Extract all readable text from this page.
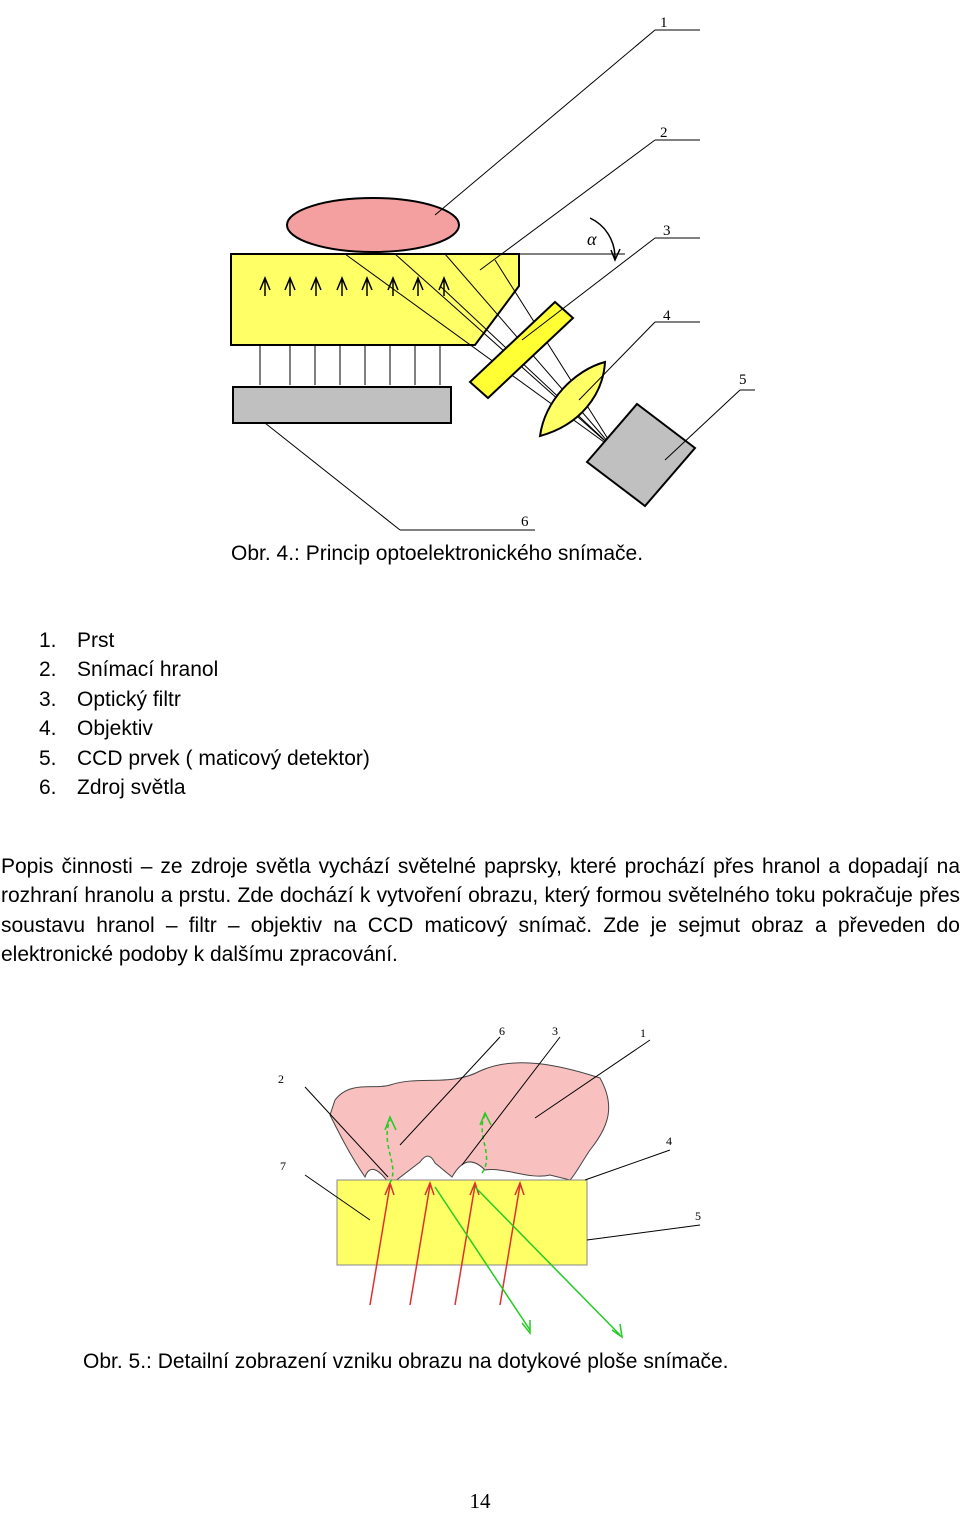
α
1
2
3
4
5
6
Obr. 4.: Princip optoelektronického snímače.
1. Prst
2. Snímací hranol
3. Optický filtr
4. Objektiv
5. CCD prvek ( maticový detektor)
6. Zdroj světla

Popis činnosti – ze zdroje světla vychází světelné paprsky, které prochází přes hranol a dopadají na rozhraní hranolu a prstu. Zde dochází k vytvoření obrazu, který formou světelného toku pokračuje přes soustavu hranol – filtr – objektiv na CCD maticový snímač. Zde je sejmut obraz a převeden do elektronické podoby k dalšímu zpracování.

6	3	1
2
4
7
5
Obr. 5.: Detailní zobrazení vzniku obrazu na dotykové ploše snímače.
14
